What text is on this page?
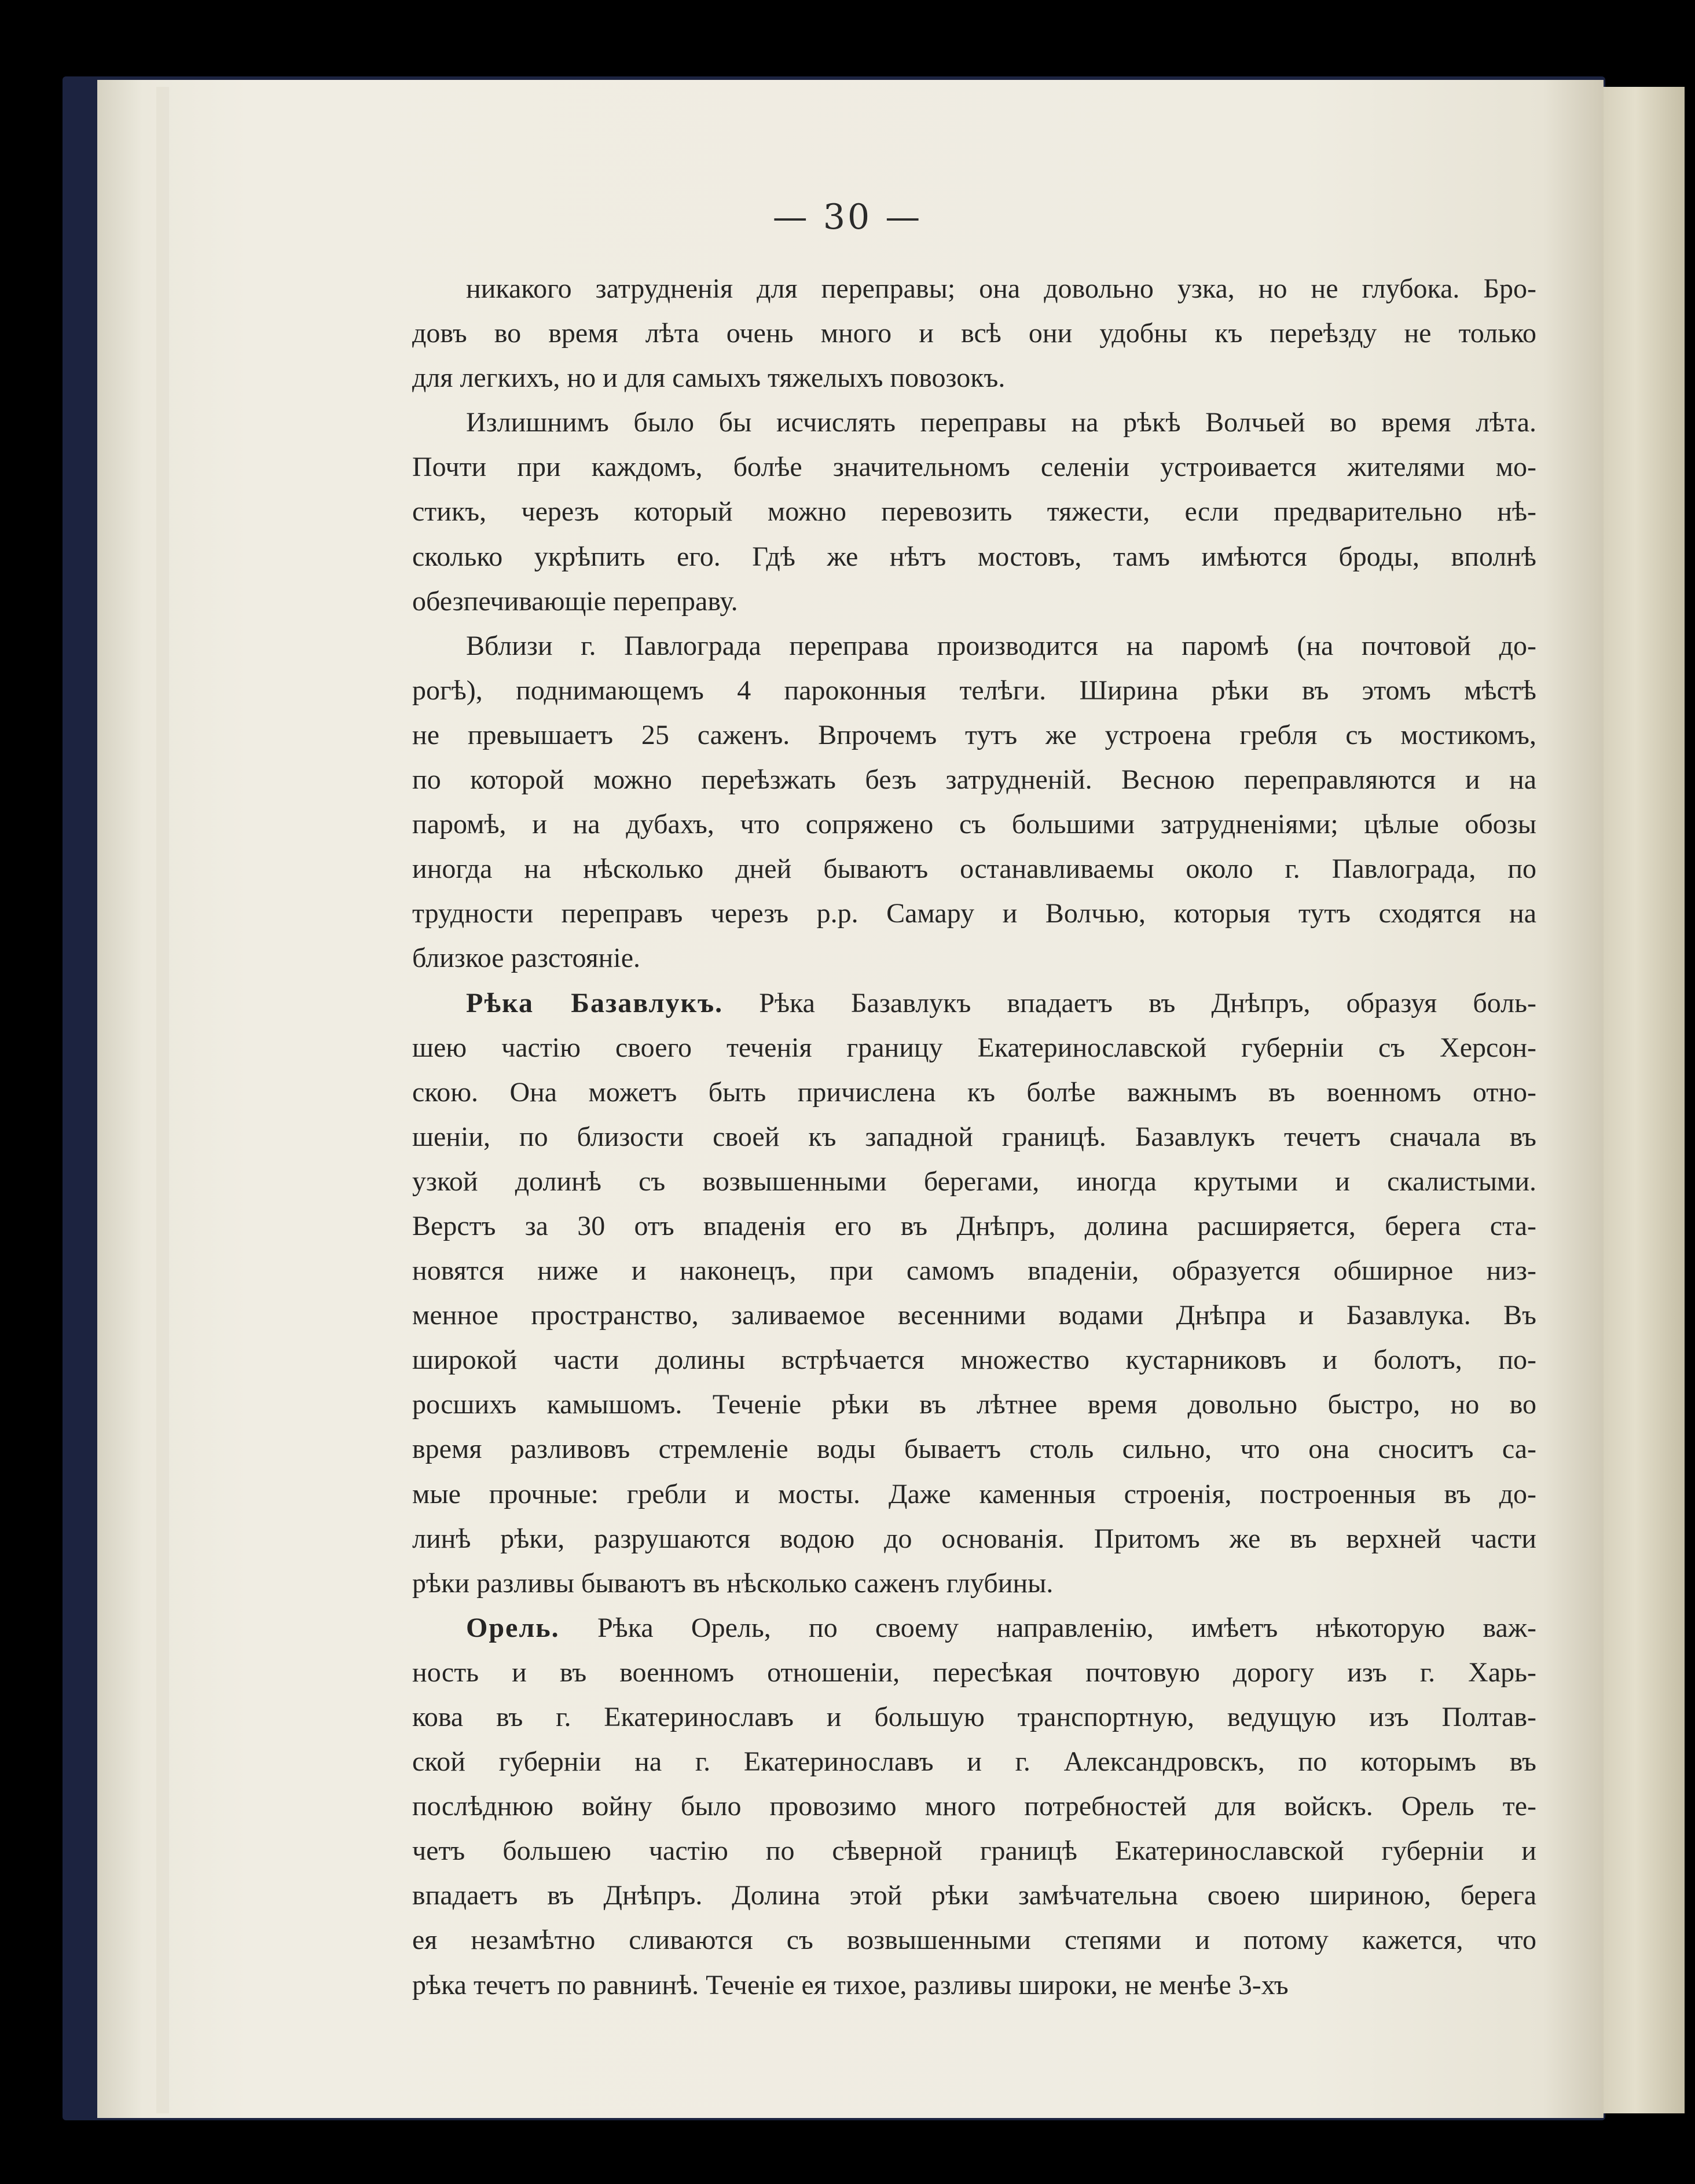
— 30 —
никакого затрудненія для переправы; она довольно узка, но не глубока. Бро-
довъ во время лѣта очень много и всѣ они удобны къ переѣзду не только
для легкихъ, но и для самыхъ тяжелыхъ повозокъ.
Излишнимъ было бы исчислять переправы на рѣкѣ Волчьей во время лѣта.
Почти при каждомъ, болѣе значительномъ селеніи устроивается жителями мо-
стикъ, черезъ который можно перевозить тяжести, если предварительно нѣ-
сколько укрѣпить его. Гдѣ же нѣтъ мостовъ, тамъ имѣются броды, вполнѣ
обезпечивающіе переправу.
Вблизи г. Павлограда переправа производится на паромѣ (на почтовой до-
рогѣ), поднимающемъ 4 пароконныя телѣги. Ширина рѣки въ этомъ мѣстѣ
не превышаетъ 25 саженъ. Впрочемъ тутъ же устроена гребля съ мостикомъ,
по которой можно переѣзжать безъ затрудненій. Весною переправляются и на
паромѣ, и на дубахъ, что сопряжено съ большими затрудненіями; цѣлые обозы
иногда на нѣсколько дней бываютъ останавливаемы около г. Павлограда, по
трудности переправъ черезъ р.р. Самару и Волчью, которыя тутъ сходятся на
близкое разстояніе.
Рѣка Базавлукъ. Рѣка Базавлукъ впадаетъ въ Днѣпръ, образуя боль-
шею частію своего теченія границу Екатеринославской губерніи съ Херсон-
скою. Она можетъ быть причислена къ болѣе важнымъ въ военномъ отно-
шеніи, по близости своей къ западной границѣ. Базавлукъ течетъ сначала въ
узкой долинѣ съ возвышенными берегами, иногда крутыми и скалистыми.
Верстъ за 30 отъ впаденія его въ Днѣпръ, долина расширяется, берега ста-
новятся ниже и наконецъ, при самомъ впаденіи, образуется обширное низ-
менное пространство, заливаемое весенними водами Днѣпра и Базавлука. Въ
широкой части долины встрѣчается множество кустарниковъ и болотъ, по-
росшихъ камышомъ. Теченіе рѣки въ лѣтнее время довольно быстро, но во
время разливовъ стремленіе воды бываетъ столь сильно, что она сноситъ са-
мые прочные: гребли и мосты. Даже каменныя строенія, построенныя въ до-
линѣ рѣки, разрушаются водою до основанія. Притомъ же въ верхней части
рѣки разливы бываютъ въ нѣсколько саженъ глубины.
Орель. Рѣка Орель, по своему направленію, имѣетъ нѣкоторую важ-
ность и въ военномъ отношеніи, пересѣкая почтовую дорогу изъ г. Харь-
кова въ г. Екатеринославъ и большую транспортную, ведущую изъ Полтав-
ской губерніи на г. Екатеринославъ и г. Александровскъ, по которымъ въ
послѣднюю войну было провозимо много потребностей для войскъ. Орель те-
четъ большею частію по сѣверной границѣ Екатеринославской губерніи и
впадаетъ въ Днѣпръ. Долина этой рѣки замѣчательна своею шириною, берега
ея незамѣтно сливаются съ возвышенными степями и потому кажется, что
рѣка течетъ по равнинѣ. Теченіе ея тихое, разливы широки, не менѣе 3-хъ
